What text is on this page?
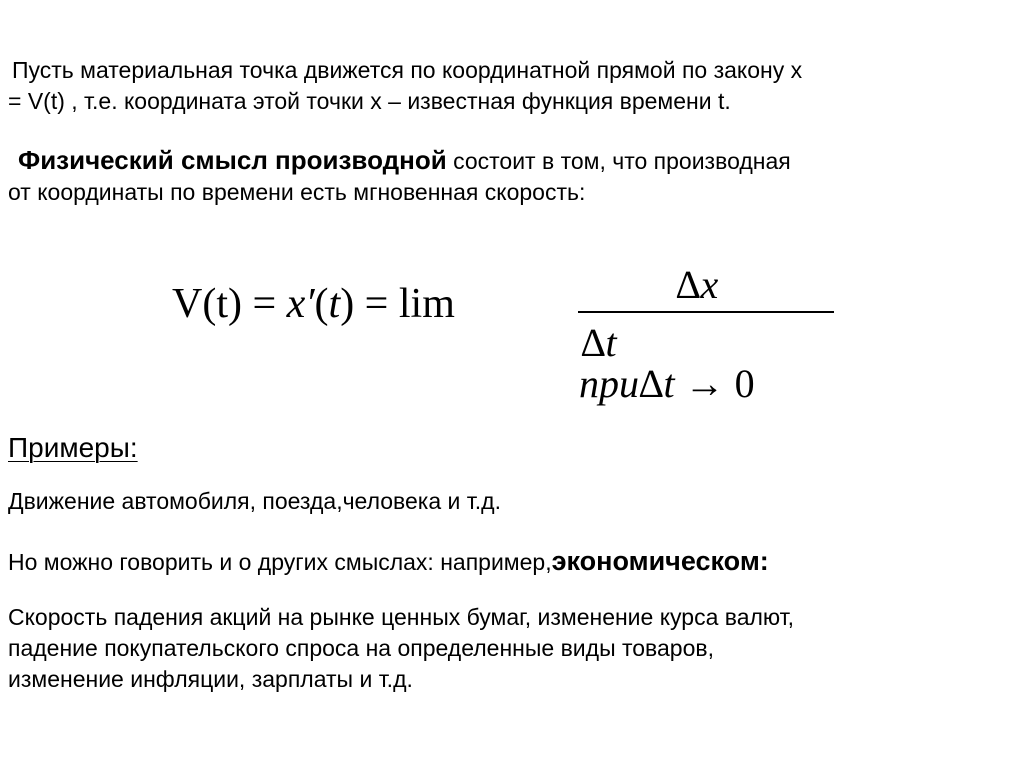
Пусть материальная точка движется по координатной прямой по закону x
= V(t) , т.е. координата этой точки x – известная функция времени t.
Физический смысл производной состоит в том, что производная
от координаты по времени есть мгновенная скорость:
V(t) = x′(t) = lim	∆x
∆t
при∆t → 0
Примеры:
Движение автомобиля, поезда,человека и т.д.
Но можно говорить и о других смыслах: например,экономическом:
Скорость падения акций на рынке ценных бумаг, изменение курса валют,
падение покупательского спроса на определенные виды товаров,
изменение инфляции, зарплаты и т.д.
